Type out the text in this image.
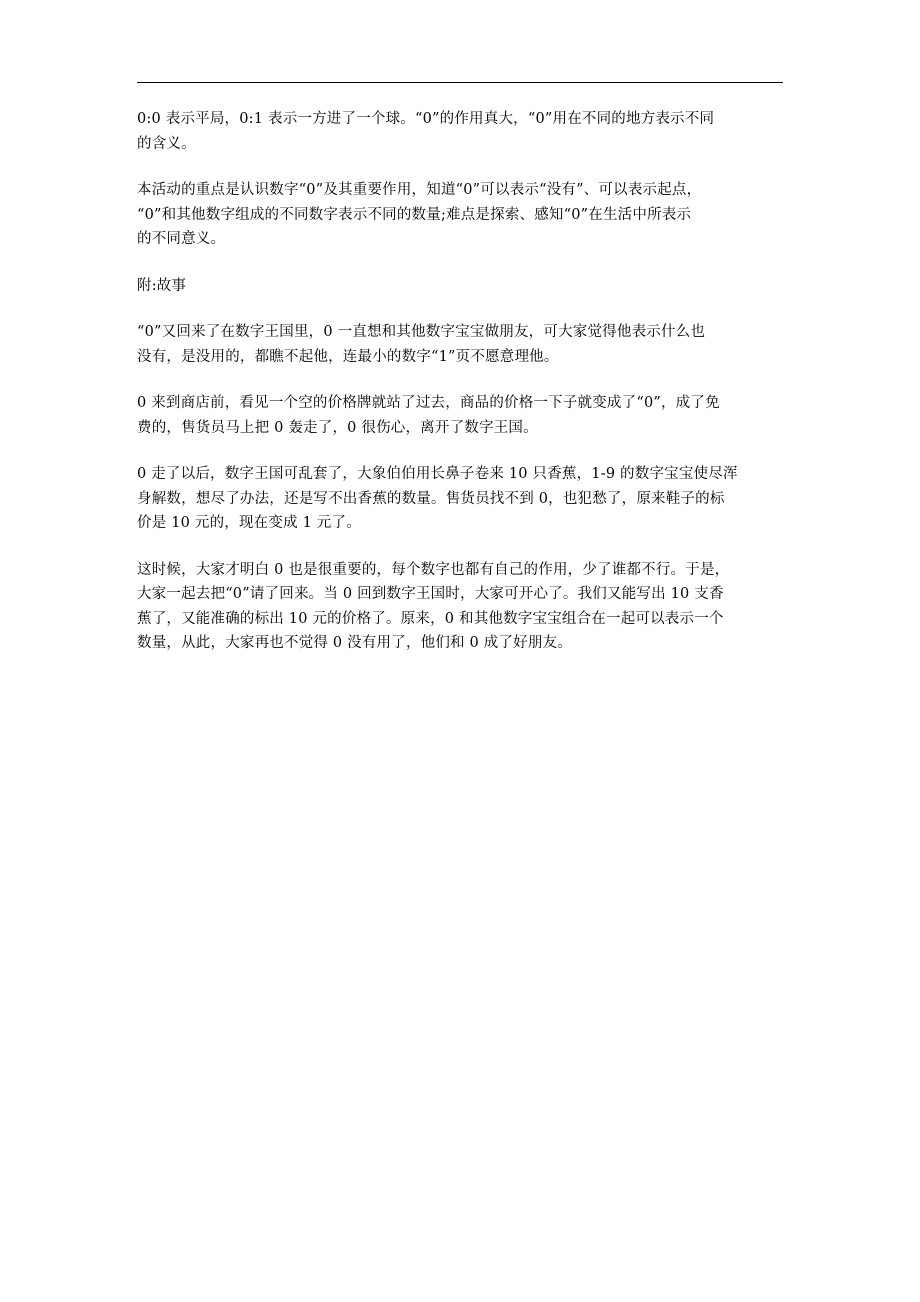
0:0 表示平局，0:1 表示一方进了一个球。“0”的作用真大，“0”用在不同的地方表示不同
的含义。

本活动的重点是认识数字“0”及其重要作用，知道“0”可以表示“没有”、可以表示起点，
“0”和其他数字组成的不同数字表示不同的数量;难点是探索、感知“0”在生活中所表示
的不同意义。

附:故事

“0”又回来了在数字王国里，0 一直想和其他数字宝宝做朋友，可大家觉得他表示什么也
没有，是没用的，都瞧不起他，连最小的数字“1”页不愿意理他。

0 来到商店前，看见一个空的价格牌就站了过去，商品的价格一下子就变成了“0”，成了免
费的，售货员马上把 0 轰走了，0 很伤心，离开了数字王国。

0 走了以后，数字王国可乱套了，大象伯伯用长鼻子卷来 10 只香蕉，1-9 的数字宝宝使尽浑
身解数，想尽了办法，还是写不出香蕉的数量。售货员找不到 0，也犯愁了，原来鞋子的标
价是 10 元的，现在变成 1 元了。

这时候，大家才明白 0 也是很重要的，每个数字也都有自己的作用，少了谁都不行。于是，
大家一起去把“0”请了回来。当 0 回到数字王国时，大家可开心了。我们又能写出 10 支香
蕉了，又能准确的标出 10 元的价格了。原来，0 和其他数字宝宝组合在一起可以表示一个
数量，从此，大家再也不觉得 0 没有用了，他们和 0 成了好朋友。
